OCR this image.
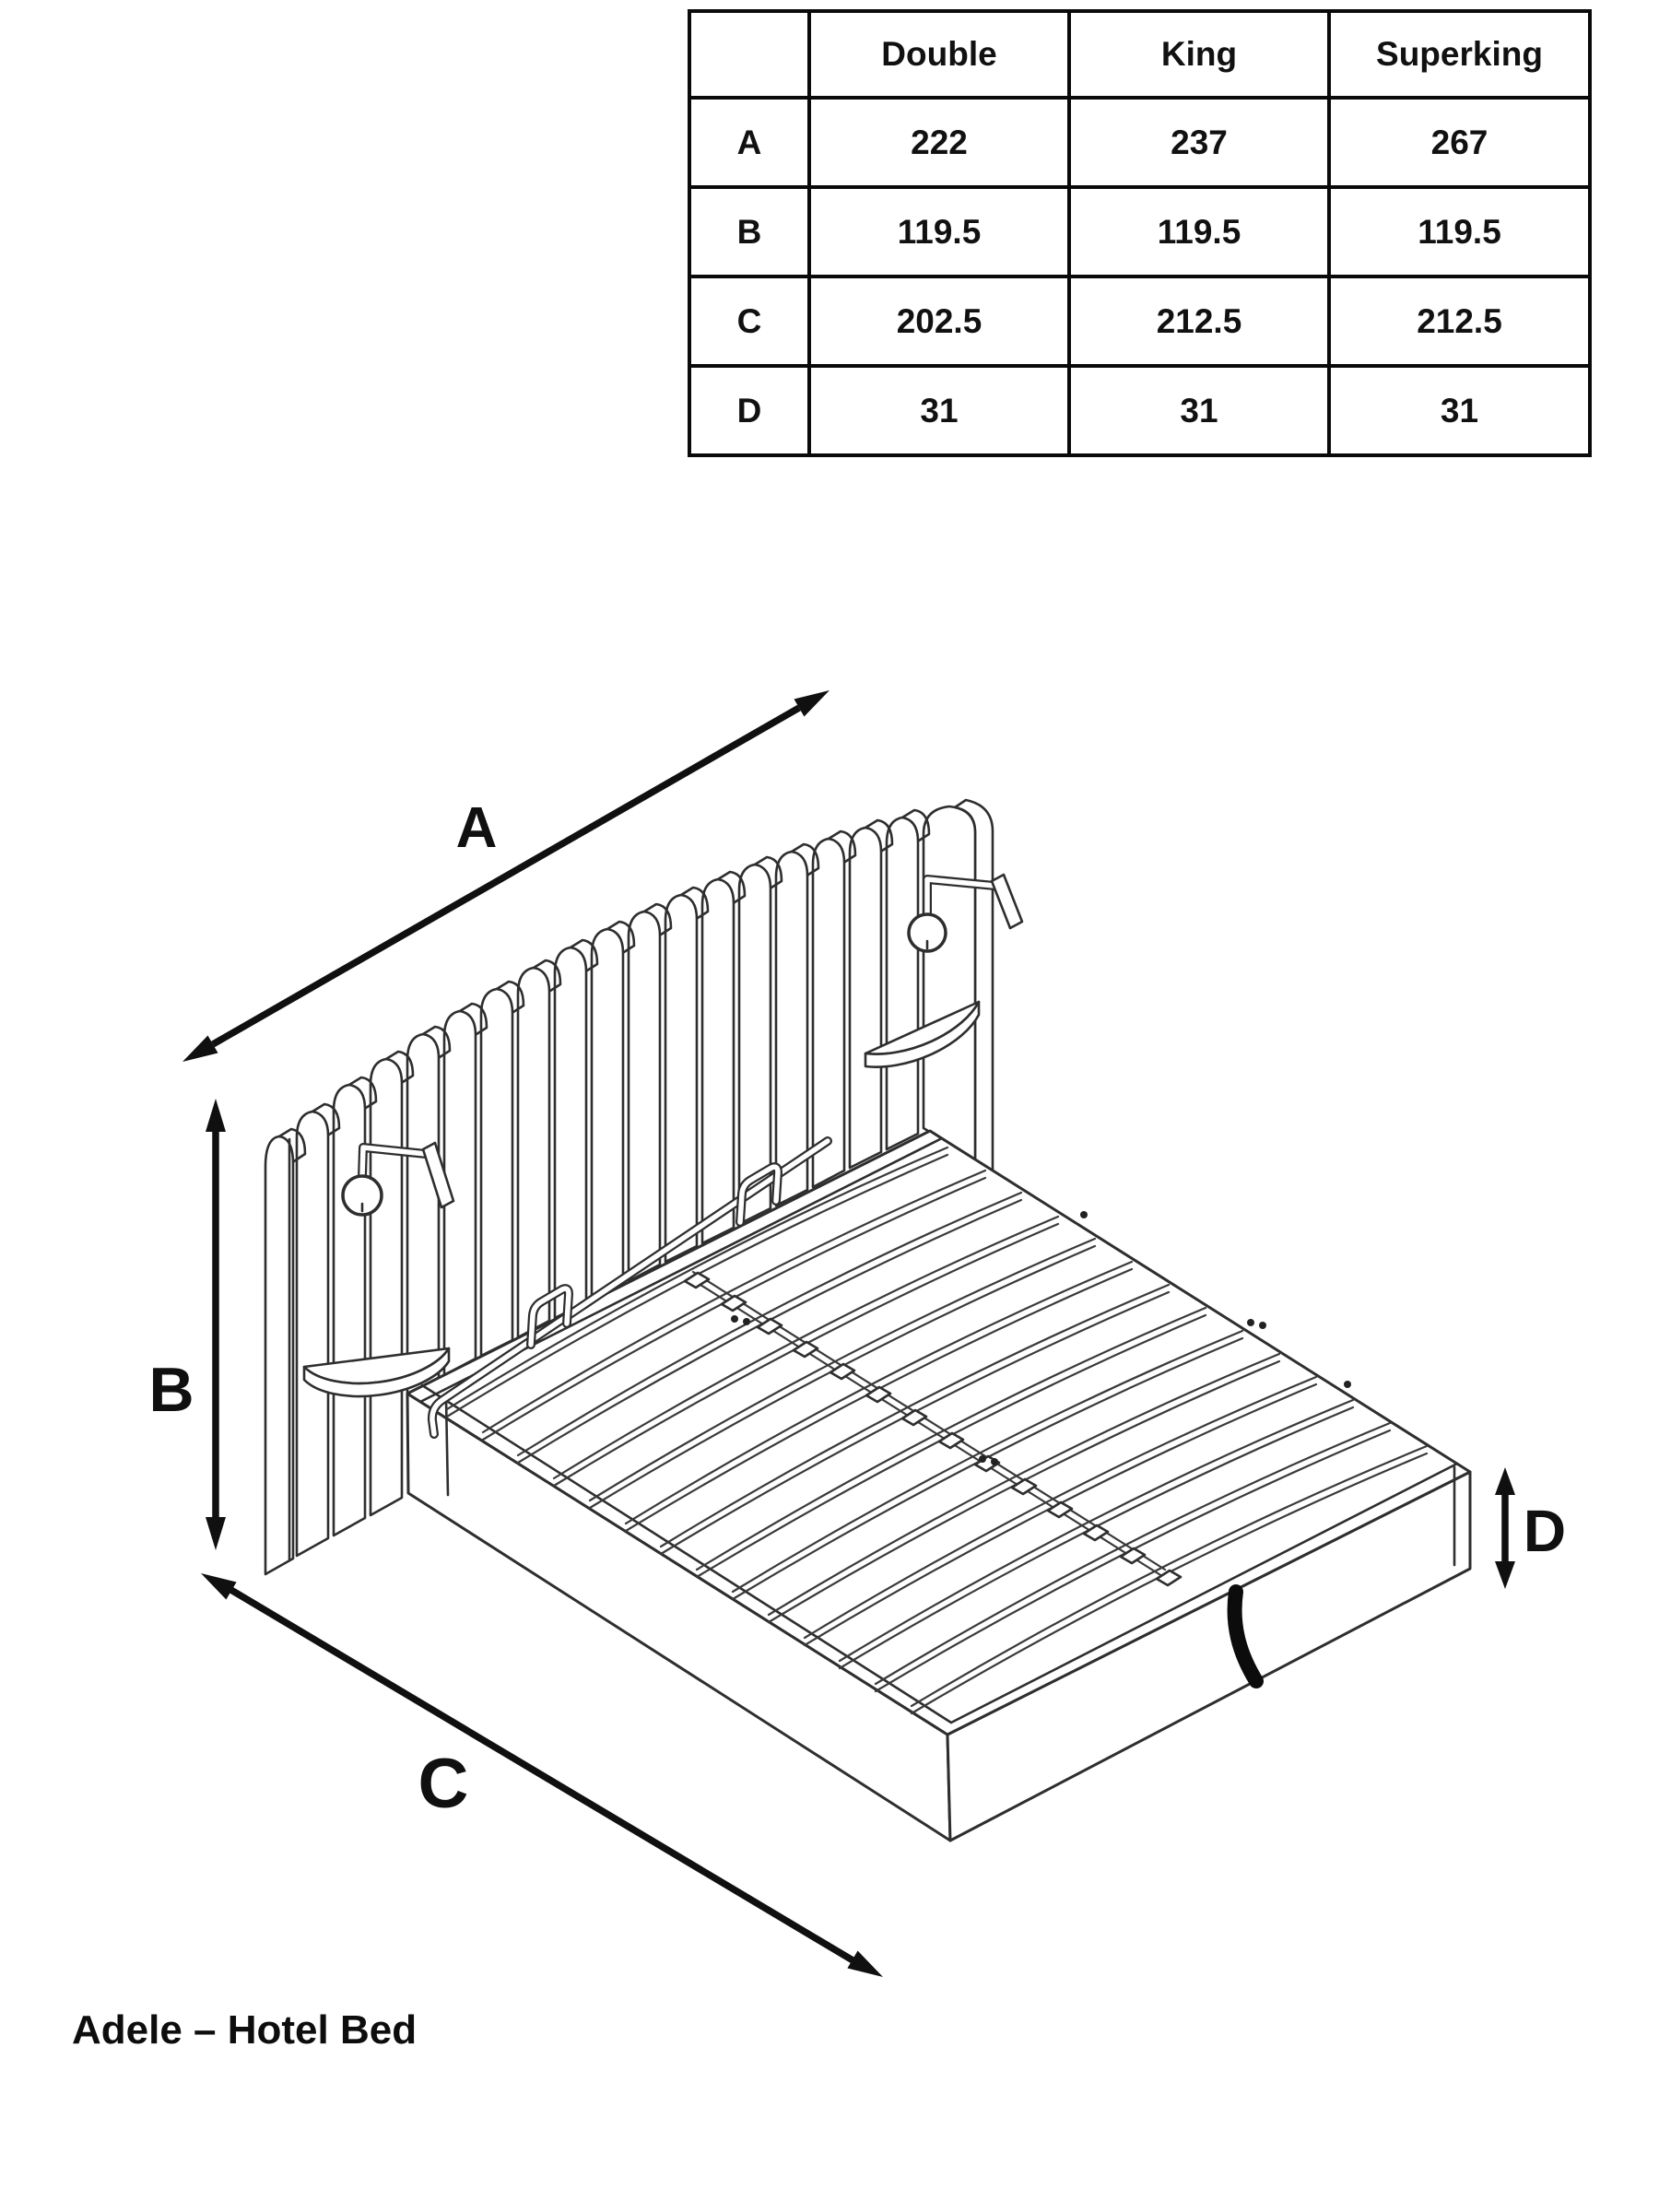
	Double	King	Superking
A	222	237	267
B	119.5	119.5	119.5
C	202.5	212.5	212.5
D	31	31	31
A
B
C
D
Adele – Hotel Bed
